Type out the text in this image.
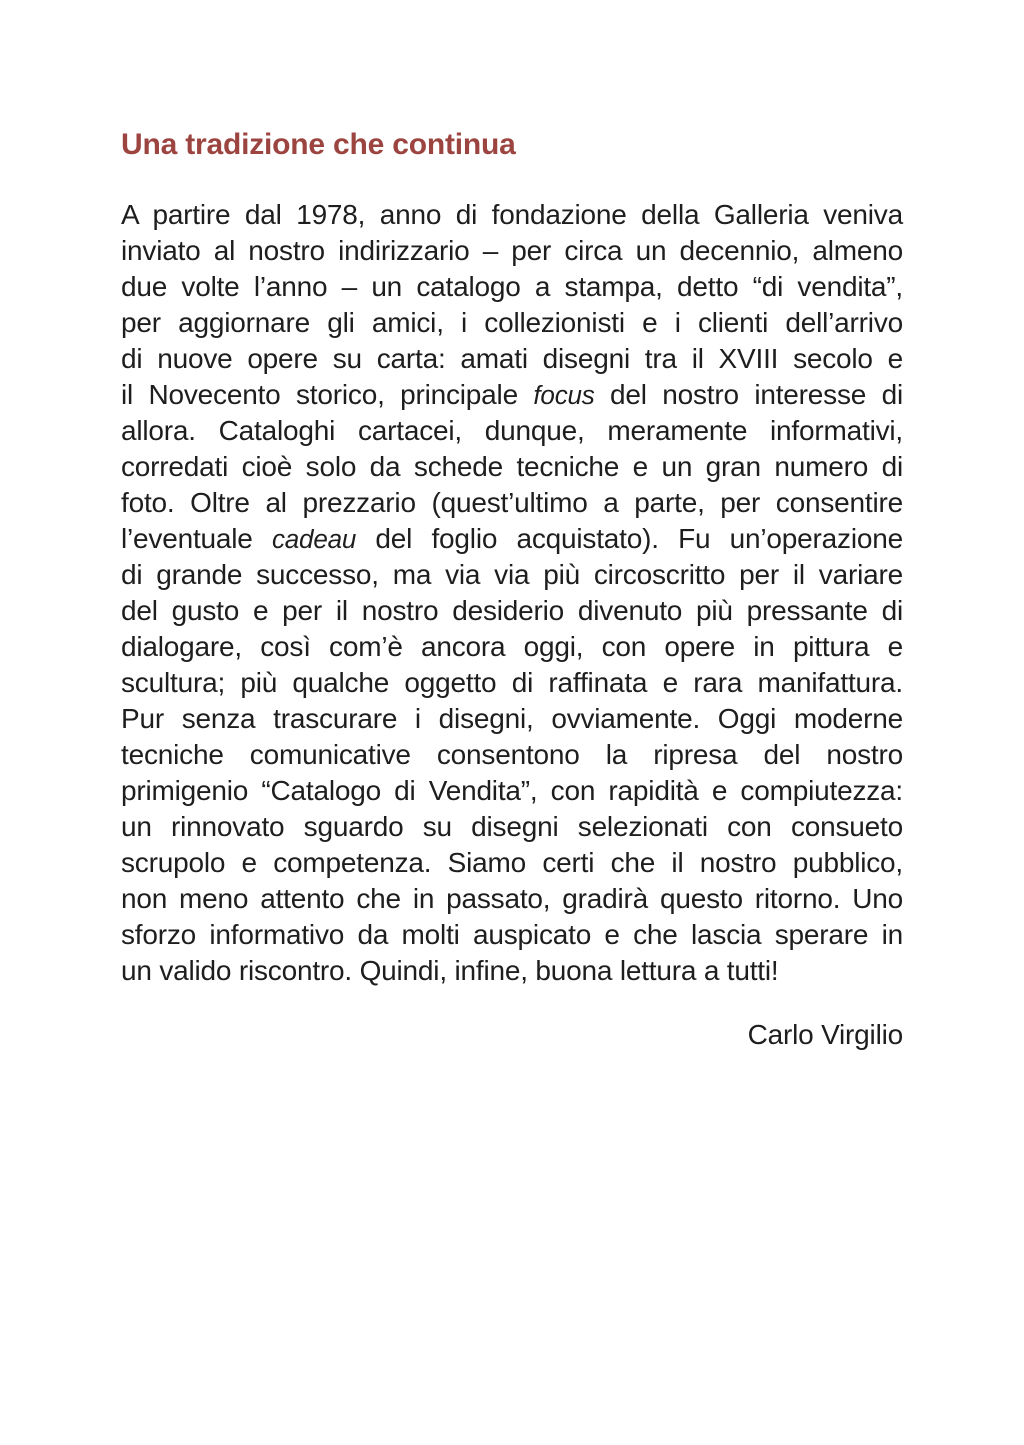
Una tradizione che continua
A partire dal 1978, anno di fondazione della Galleria veniva
inviato al nostro indirizzario – per circa un decennio, almeno
due volte l’anno – un catalogo a stampa, detto “di vendita”,
per aggiornare gli amici, i collezionisti e i clienti dell’arrivo
di nuove opere su carta: amati disegni tra il XVIII secolo e
il Novecento storico, principale focus del nostro interesse di
allora. Cataloghi cartacei, dunque, meramente informativi,
corredati cioè solo da schede tecniche e un gran numero di
foto. Oltre al prezzario (quest’ultimo a parte, per consentire
l’eventuale cadeau del foglio acquistato). Fu un’operazione
di grande successo, ma via via più circoscritto per il variare
del gusto e per il nostro desiderio divenuto più pressante di
dialogare, così com’è ancora oggi, con opere in pittura e
scultura; più qualche oggetto di raffinata e rara manifattura.
Pur senza trascurare i disegni, ovviamente. Oggi moderne
tecniche comunicative consentono la ripresa del nostro
primigenio “Catalogo di Vendita”, con rapidità e compiutezza:
un rinnovato sguardo su disegni selezionati con consueto
scrupolo e competenza. Siamo certi che il nostro pubblico,
non meno attento che in passato, gradirà questo ritorno. Uno
sforzo informativo da molti auspicato e che lascia sperare in
un valido riscontro. Quindi, infine, buona lettura a tutti!
Carlo Virgilio
